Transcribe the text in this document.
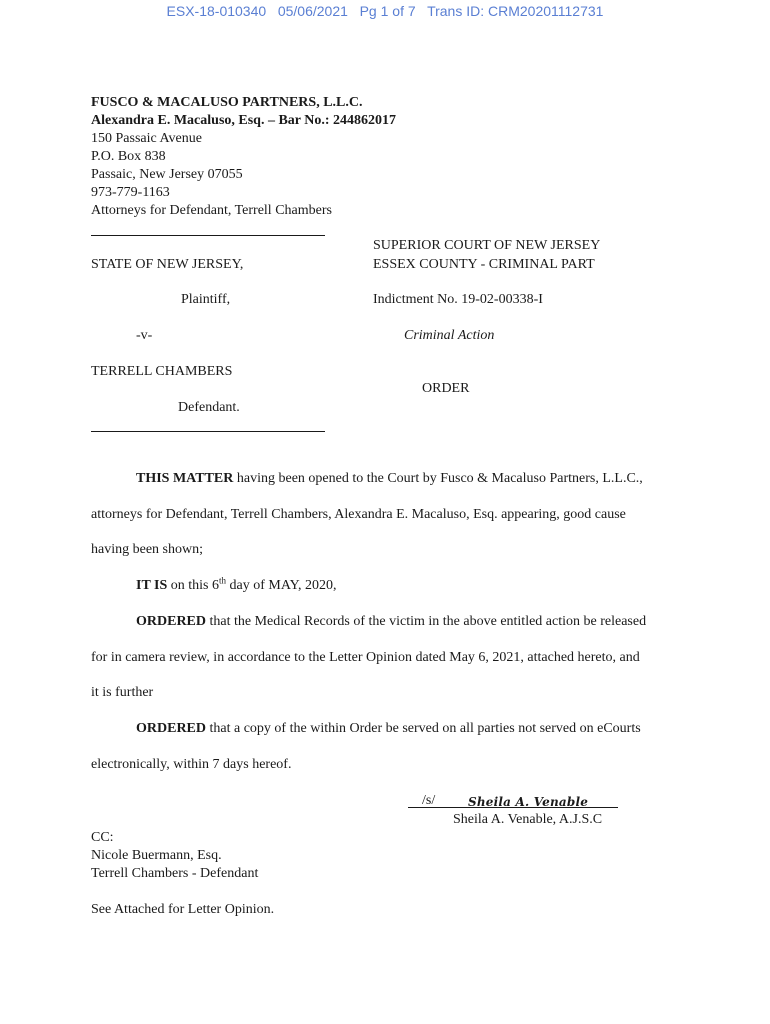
ESX-18-010340 05/06/2021 Pg 1 of 7 Trans ID: CRM20201112731
FUSCO & MACALUSO PARTNERS, L.L.C.
Alexandra E. Macaluso, Esq. – Bar No.: 244862017
150 Passaic Avenue
P.O. Box 838
Passaic, New Jersey 07055
973-779-1163
Attorneys for Defendant, Terrell Chambers
STATE OF NEW JERSEY,
Plaintiff,
-v-
TERRELL CHAMBERS
Defendant.
SUPERIOR COURT OF NEW JERSEY
ESSEX COUNTY - CRIMINAL PART
Indictment No. 19-02-00338-I
Criminal Action
ORDER
THIS MATTER having been opened to the Court by Fusco & Macaluso Partners, L.L.C.,
attorneys for Defendant, Terrell Chambers, Alexandra E. Macaluso, Esq. appearing, good cause
having been shown;
IT IS on this 6th day of MAY, 2020,
ORDERED that the Medical Records of the victim in the above entitled action be released
for in camera review, in accordance to the Letter Opinion dated May 6, 2021, attached hereto, and
it is further
ORDERED that a copy of the within Order be served on all parties not served on eCourts
electronically, within 7 days hereof.
/s/	Sheila A. Venable
Sheila A. Venable, A.J.S.C
CC:
Nicole Buermann, Esq.
Terrell Chambers - Defendant
See Attached for Letter Opinion.
